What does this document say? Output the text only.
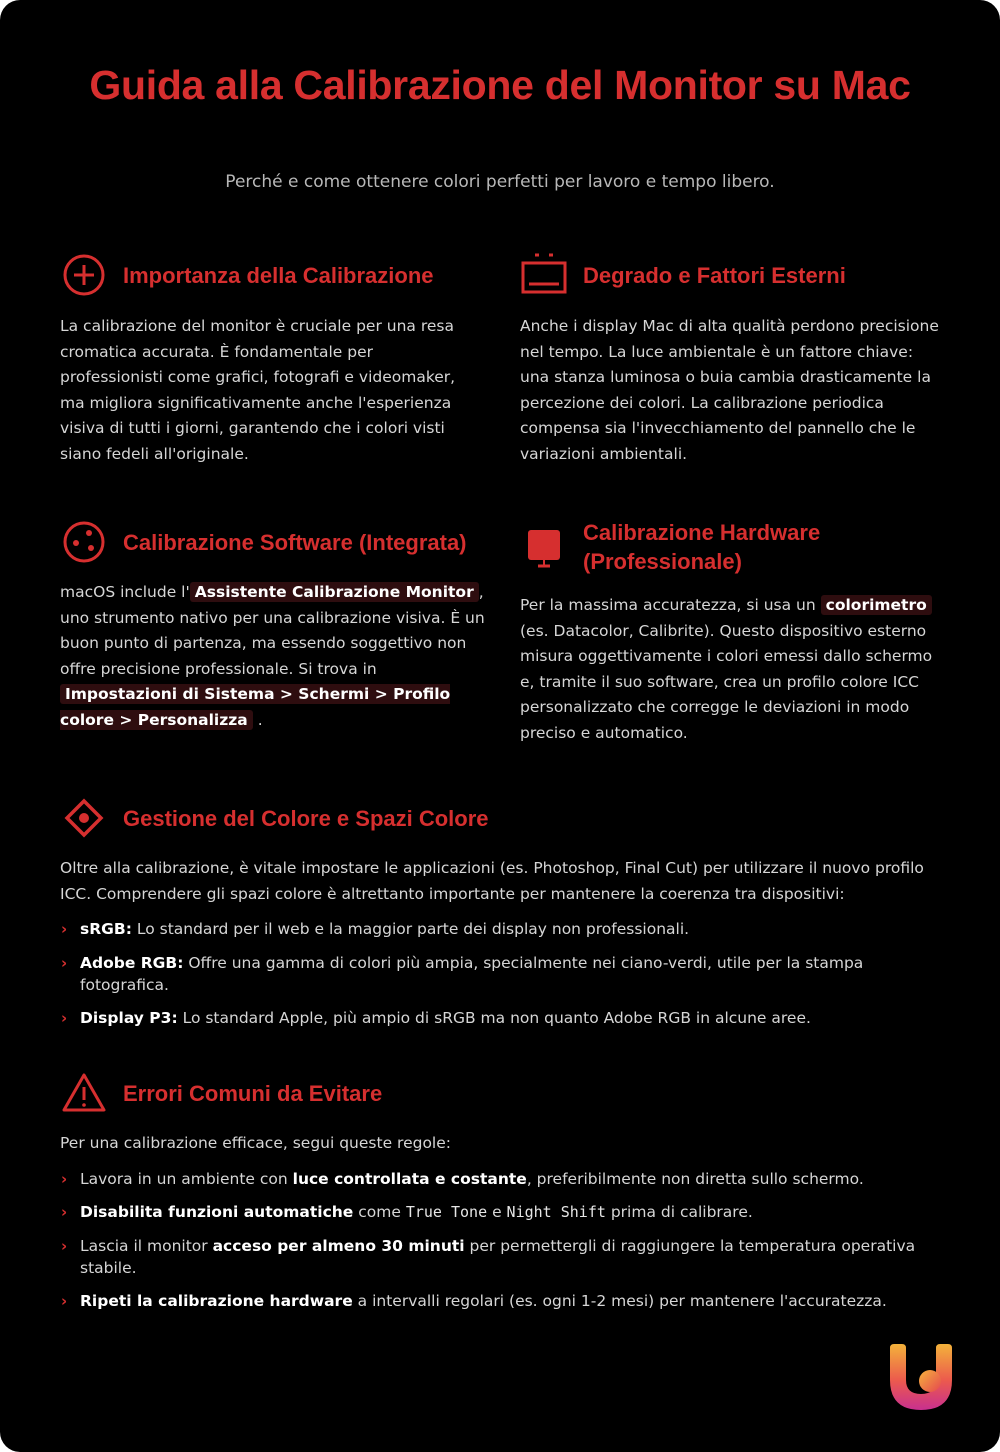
Guida alla Calibrazione del Monitor su Mac

Perché e come ottenere colori perfetti per lavoro e tempo libero.

Importanza della Calibrazione

La calibrazione del monitor è cruciale per una resa cromatica accurata. È fondamentale per professionisti come grafici, fotografi e videomaker, ma migliora significativamente anche l'esperienza visiva di tutti i giorni, garantendo che i colori visti siano fedeli all'originale.

Degrado e Fattori Esterni

Anche i display Mac di alta qualità perdono precisione nel tempo. La luce ambientale è un fattore chiave: una stanza luminosa o buia cambia drasticamente la percezione dei colori. La calibrazione periodica compensa sia l'invecchiamento del pannello che le variazioni ambientali.

Calibrazione Software (Integrata)

macOS include l' Assistente Calibrazione Monitor , uno strumento nativo per una calibrazione visiva. È un buon punto di partenza, ma essendo soggettivo non offre precisione professionale. Si trova in Impostazioni di Sistema > Schermi > Profilo colore > Personalizza .

Calibrazione Hardware (Professionale)

Per la massima accuratezza, si usa un colorimetro (es. Datacolor, Calibrite). Questo dispositivo esterno misura oggettivamente i colori emessi dallo schermo e, tramite il suo software, crea un profilo colore ICC personalizzato che corregge le deviazioni in modo preciso e automatico.

Gestione del Colore e Spazi Colore

Oltre alla calibrazione, è vitale impostare le applicazioni (es. Photoshop, Final Cut) per utilizzare il nuovo profilo ICC. Comprendere gli spazi colore è altrettanto importante per mantenere la coerenza tra dispositivi:

› sRGB: Lo standard per il web e la maggior parte dei display non professionali.
› Adobe RGB: Offre una gamma di colori più ampia, specialmente nei ciano-verdi, utile per la stampa fotografica.
› Display P3: Lo standard Apple, più ampio di sRGB ma non quanto Adobe RGB in alcune aree.
Errori Comuni da Evitare

Per una calibrazione efficace, segui queste regole:

› Lavora in un ambiente con luce controllata e costante, preferibilmente non diretta sullo schermo.
› Disabilita funzioni automatiche come True Tone e Night Shift prima di calibrare.
› Lascia il monitor acceso per almeno 30 minuti per permettergli di raggiungere la temperatura operativa stabile.
› Ripeti la calibrazione hardware a intervalli regolari (es. ogni 1-2 mesi) per mantenere l'accuratezza.
